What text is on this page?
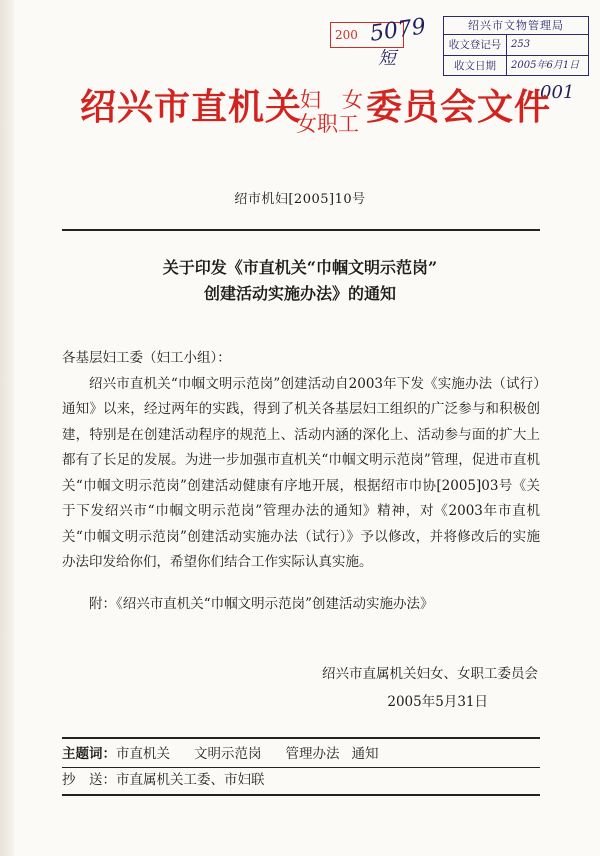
200 5079
短
绍兴市文物管理局
收文登记号 253
收文日期	2005年6月1日
001
绍兴市直机关
妇　女
女职工 委员会文件
绍市机妇[2005]10号
关于印发《市直机关“巾帼文明示范岗”
创建活动实施办法》的通知

各基层妇工委（妇工小组）：

绍兴市直机关“巾帼文明示范岗”创建活动自2003年下发《实施办法（试行）通知》以来，经过两年的实践，得到了机关各基层妇工组织的广泛参与和积极创建，特别是在创建活动程序的规范上、活动内涵的深化上、活动参与面的扩大上都有了长足的发展。为进一步加强市直机关“巾帼文明示范岗”管理，促进市直机关“巾帼文明示范岗”创建活动健康有序地开展，根据绍市巾协[2005]03号《关于下发绍兴市“巾帼文明示范岗”管理办法的通知》精神，对《2003年市直机关“巾帼文明示范岗”创建活动实施办法（试行）》予以修改，并将修改后的实施办法印发给你们，希望你们结合工作实际认真实施。

附：《绍兴市直机关“巾帼文明示范岗”创建活动实施办法》
绍兴市直属机关妇女、女职工委员会
2005年5月31日
主题词：市直机关 文明示范岗 管理办法 通知
抄　送：市直属机关工委、市妇联
